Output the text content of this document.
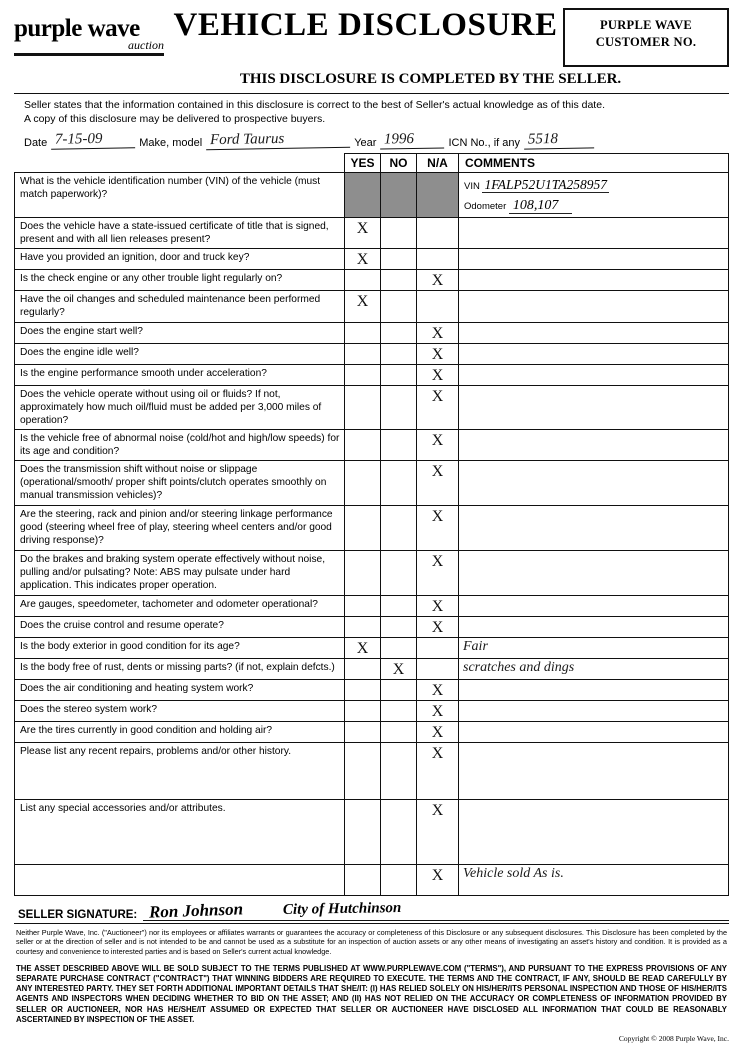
purple wave
auction
VEHICLE DISCLOSURE	PURPLE WAVE
CUSTOMER NO.
THIS DISCLOSURE IS COMPLETED BY THE SELLER.
Seller states that the information contained in this disclosure is correct to the best of Seller's actual knowledge as of this date.
A copy of this disclosure may be delivered to prospective buyers.
Date 7-15-09	Make, model Ford Taurus	Year 1996	ICN No., if any 5518
	YES	NO	N/A	COMMENTS
What is the vehicle identification number (VIN) of the vehicle (must match paperwork)?				VIN 1FALP52U1TA258957
Odometer 108,107

Does the vehicle have a state-issued certificate of title that is signed, present and with all lien releases present?	X			
Have you provided an ignition, door and truck key?	X			
Is the check engine or any other trouble light regularly on?			X	
Have the oil changes and scheduled maintenance been performed regularly?	X			
Does the engine start well?			X	
Does the engine idle well?			X	
Is the engine performance smooth under acceleration?			X	
Does the vehicle operate without using oil or fluids? If not, approximately how much oil/fluid must be added per 3,000 miles of operation?			X	
Is the vehicle free of abnormal noise (cold/hot and high/low speeds) for its age and condition?			X	
Does the transmission shift without noise or slippage (operational/smooth/ proper shift points/clutch operates smoothly on manual transmission vehicles)?			X	
Are the steering, rack and pinion and/or steering linkage performance good (steering wheel free of play, steering wheel centers and/or good driving response)?			X	
Do the brakes and braking system operate effectively without noise, pulling and/or pulsating? Note: ABS may pulsate under hard application. This indicates proper operation.			X	
Are gauges, speedometer, tachometer and odometer operational?			X	
Does the cruise control and resume operate?			X	
Is the body exterior in good condition for its age?	X			Fair
Is the body free of rust, dents or missing parts? (if not, explain defcts.)		X		scratches and dings
Does the air conditioning and heating system work?			X	
Does the stereo system work?			X	
Are the tires currently in good condition and holding air?			X	
Please list any recent repairs, problems and/or other history.			X	
List any special accessories and/or attributes.			X	
			X	Vehicle sold As is.
SELLER SIGNATURE: Ron Johnson	City of Hutchinson
Neither Purple Wave, Inc. ("Auctioneer") nor its employees or affiliates warrants or guarantees the accuracy or completeness of this Disclosure or any subsequent disclosures. This Disclosure has been completed by the seller or at the direction of seller and is not intended to be and cannot be used as a substitute for an inspection of auction assets or any other means of investigating an asset's history and condition. It is provided as a courtesy and convenience to interested parties and is based on Seller's current actual knowledge.
THE ASSET DESCRIBED ABOVE WILL BE SOLD SUBJECT TO THE TERMS PUBLISHED AT WWW.PURPLEWAVE.COM ("TERMS"), AND PURSUANT TO THE EXPRESS PROVISIONS OF ANY SEPARATE PURCHASE CONTRACT ("CONTRACT") THAT WINNING BIDDERS ARE REQUIRED TO EXECUTE. THE TERMS AND THE CONTRACT, IF ANY, SHOULD BE READ CAREFULLY BY ANY INTERESTED PARTY. THEY SET FORTH ADDITIONAL IMPORTANT DETAILS THAT SHE/IT: (I) HAS RELIED SOLELY ON HIS/HER/ITS PERSONAL INSPECTION AND THOSE OF HIS/HER/ITS AGENTS AND INSPECTORS WHEN DECIDING WHETHER TO BID ON THE ASSET; AND (II) HAS NOT RELIED ON THE ACCURACY OR COMPLETENESS OF INFORMATION PROVIDED BY SELLER OR AUCTIONEER, NOR HAS HE/SHE/IT ASSUMED OR EXPECTED THAT SELLER OR AUCTIONEER HAVE DISCLOSED ALL INFORMATION THAT COULD BE REASONABLY ASCERTAINED BY INSPECTION OF THE ASSET.
Copyright © 2008 Purple Wave, Inc.
